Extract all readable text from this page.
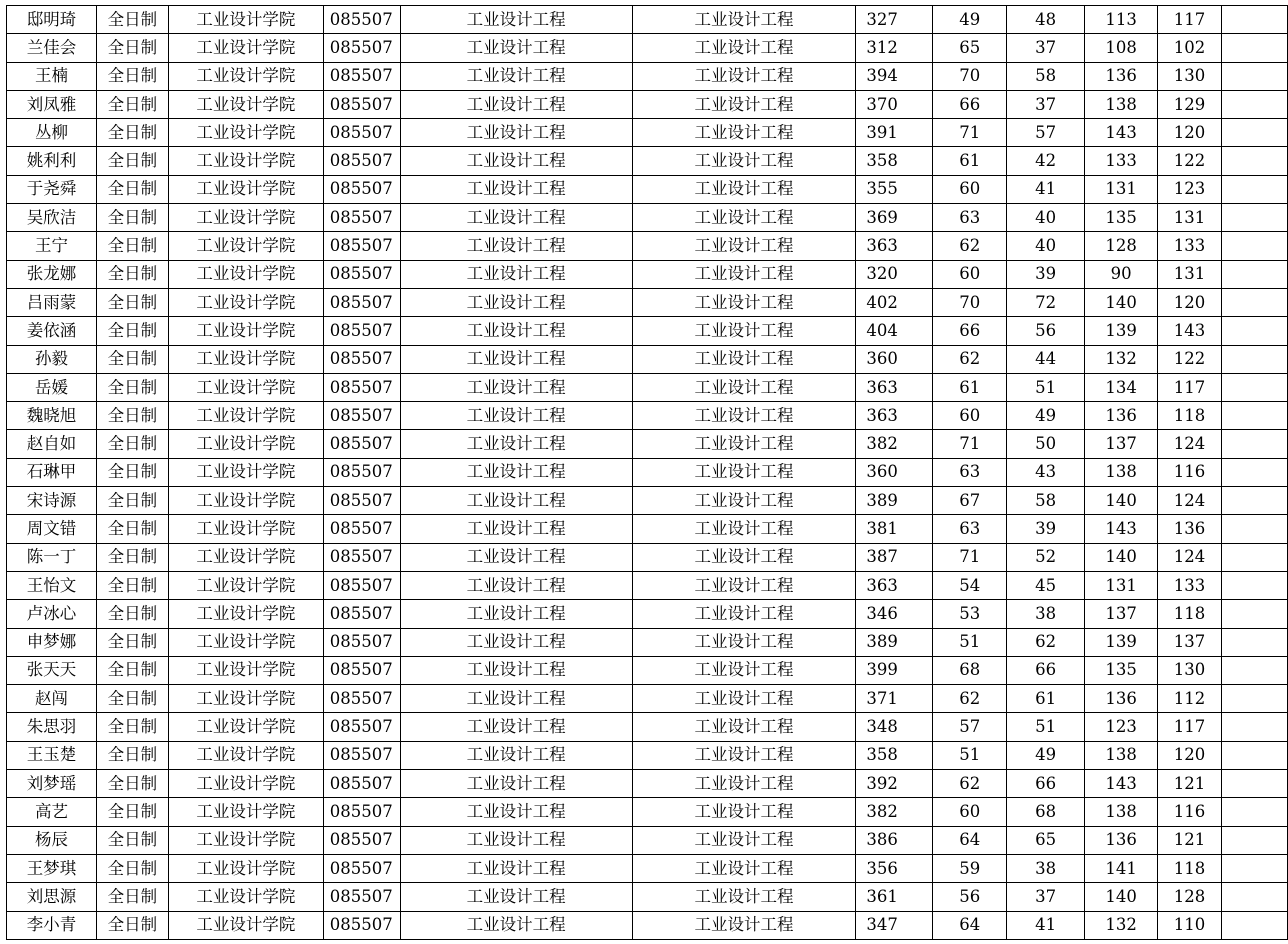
邸明琦	全日制	工业设计学院	085507	工业设计工程	工业设计工程	327	49	48	113	117	
兰佳会	全日制	工业设计学院	085507	工业设计工程	工业设计工程	312	65	37	108	102	
王楠	全日制	工业设计学院	085507	工业设计工程	工业设计工程	394	70	58	136	130	
刘凤雅	全日制	工业设计学院	085507	工业设计工程	工业设计工程	370	66	37	138	129	
丛柳	全日制	工业设计学院	085507	工业设计工程	工业设计工程	391	71	57	143	120	
姚利利	全日制	工业设计学院	085507	工业设计工程	工业设计工程	358	61	42	133	122	
于尧舜	全日制	工业设计学院	085507	工业设计工程	工业设计工程	355	60	41	131	123	
吴欣洁	全日制	工业设计学院	085507	工业设计工程	工业设计工程	369	63	40	135	131	
王宁	全日制	工业设计学院	085507	工业设计工程	工业设计工程	363	62	40	128	133	
张龙娜	全日制	工业设计学院	085507	工业设计工程	工业设计工程	320	60	39	90	131	
吕雨蒙	全日制	工业设计学院	085507	工业设计工程	工业设计工程	402	70	72	140	120	
姜依涵	全日制	工业设计学院	085507	工业设计工程	工业设计工程	404	66	56	139	143	
孙毅	全日制	工业设计学院	085507	工业设计工程	工业设计工程	360	62	44	132	122	
岳媛	全日制	工业设计学院	085507	工业设计工程	工业设计工程	363	61	51	134	117	
魏晓旭	全日制	工业设计学院	085507	工业设计工程	工业设计工程	363	60	49	136	118	
赵自如	全日制	工业设计学院	085507	工业设计工程	工业设计工程	382	71	50	137	124	
石琳甲	全日制	工业设计学院	085507	工业设计工程	工业设计工程	360	63	43	138	116	
宋诗源	全日制	工业设计学院	085507	工业设计工程	工业设计工程	389	67	58	140	124	
周文错	全日制	工业设计学院	085507	工业设计工程	工业设计工程	381	63	39	143	136	
陈一丁	全日制	工业设计学院	085507	工业设计工程	工业设计工程	387	71	52	140	124	
王怡文	全日制	工业设计学院	085507	工业设计工程	工业设计工程	363	54	45	131	133	
卢冰心	全日制	工业设计学院	085507	工业设计工程	工业设计工程	346	53	38	137	118	
申梦娜	全日制	工业设计学院	085507	工业设计工程	工业设计工程	389	51	62	139	137	
张天天	全日制	工业设计学院	085507	工业设计工程	工业设计工程	399	68	66	135	130	
赵闯	全日制	工业设计学院	085507	工业设计工程	工业设计工程	371	62	61	136	112	
朱思羽	全日制	工业设计学院	085507	工业设计工程	工业设计工程	348	57	51	123	117	
王玉楚	全日制	工业设计学院	085507	工业设计工程	工业设计工程	358	51	49	138	120	
刘梦瑶	全日制	工业设计学院	085507	工业设计工程	工业设计工程	392	62	66	143	121	
高艺	全日制	工业设计学院	085507	工业设计工程	工业设计工程	382	60	68	138	116	
杨辰	全日制	工业设计学院	085507	工业设计工程	工业设计工程	386	64	65	136	121	
王梦琪	全日制	工业设计学院	085507	工业设计工程	工业设计工程	356	59	38	141	118	
刘思源	全日制	工业设计学院	085507	工业设计工程	工业设计工程	361	56	37	140	128	
李小青	全日制	工业设计学院	085507	工业设计工程	工业设计工程	347	64	41	132	110	
